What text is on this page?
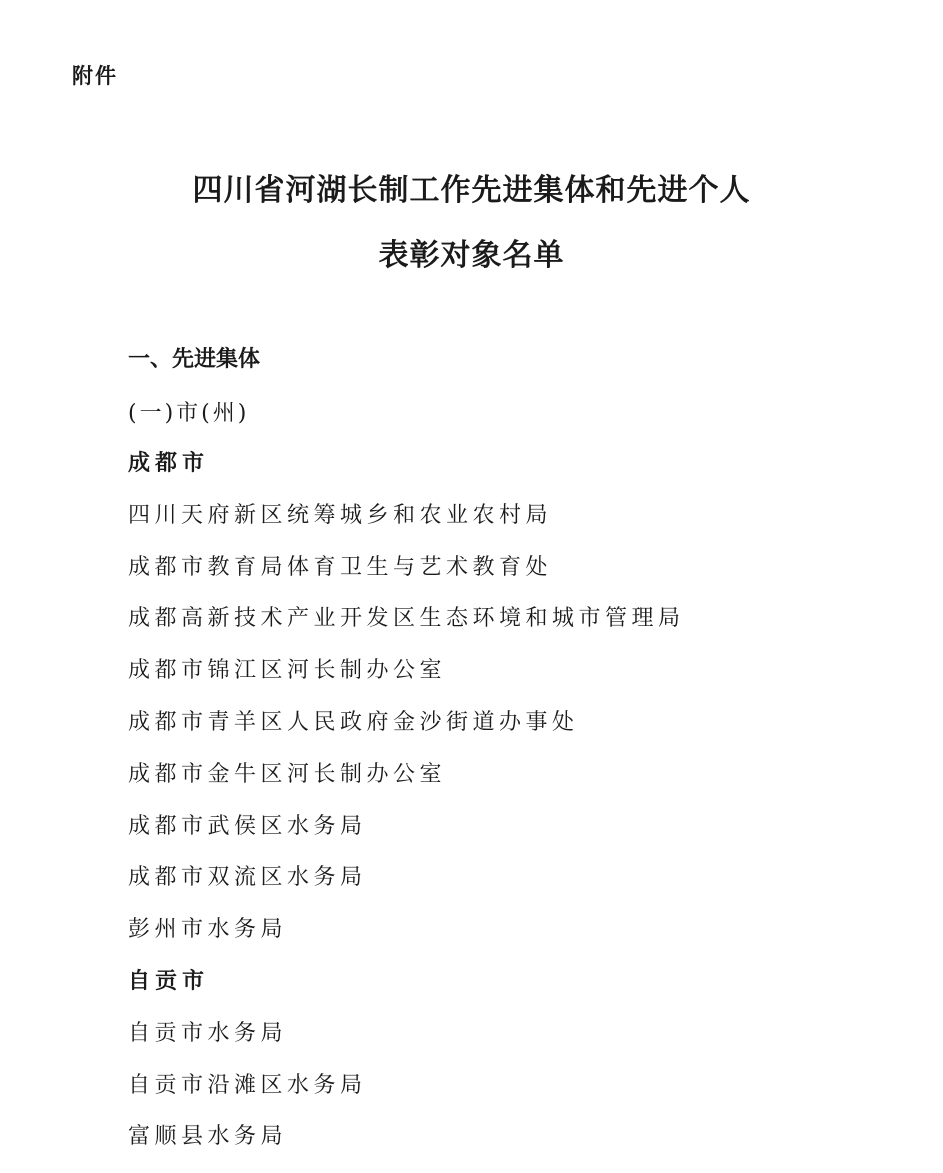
附件
四川省河湖长制工作先进集体和先进个人
表彰对象名单
一、先进集体
(一)市(州)
成都市
四川天府新区统筹城乡和农业农村局
成都市教育局体育卫生与艺术教育处
成都高新技术产业开发区生态环境和城市管理局
成都市锦江区河长制办公室
成都市青羊区人民政府金沙街道办事处
成都市金牛区河长制办公室
成都市武侯区水务局
成都市双流区水务局
彭州市水务局
自贡市
自贡市水务局
自贡市沿滩区水务局
富顺县水务局
